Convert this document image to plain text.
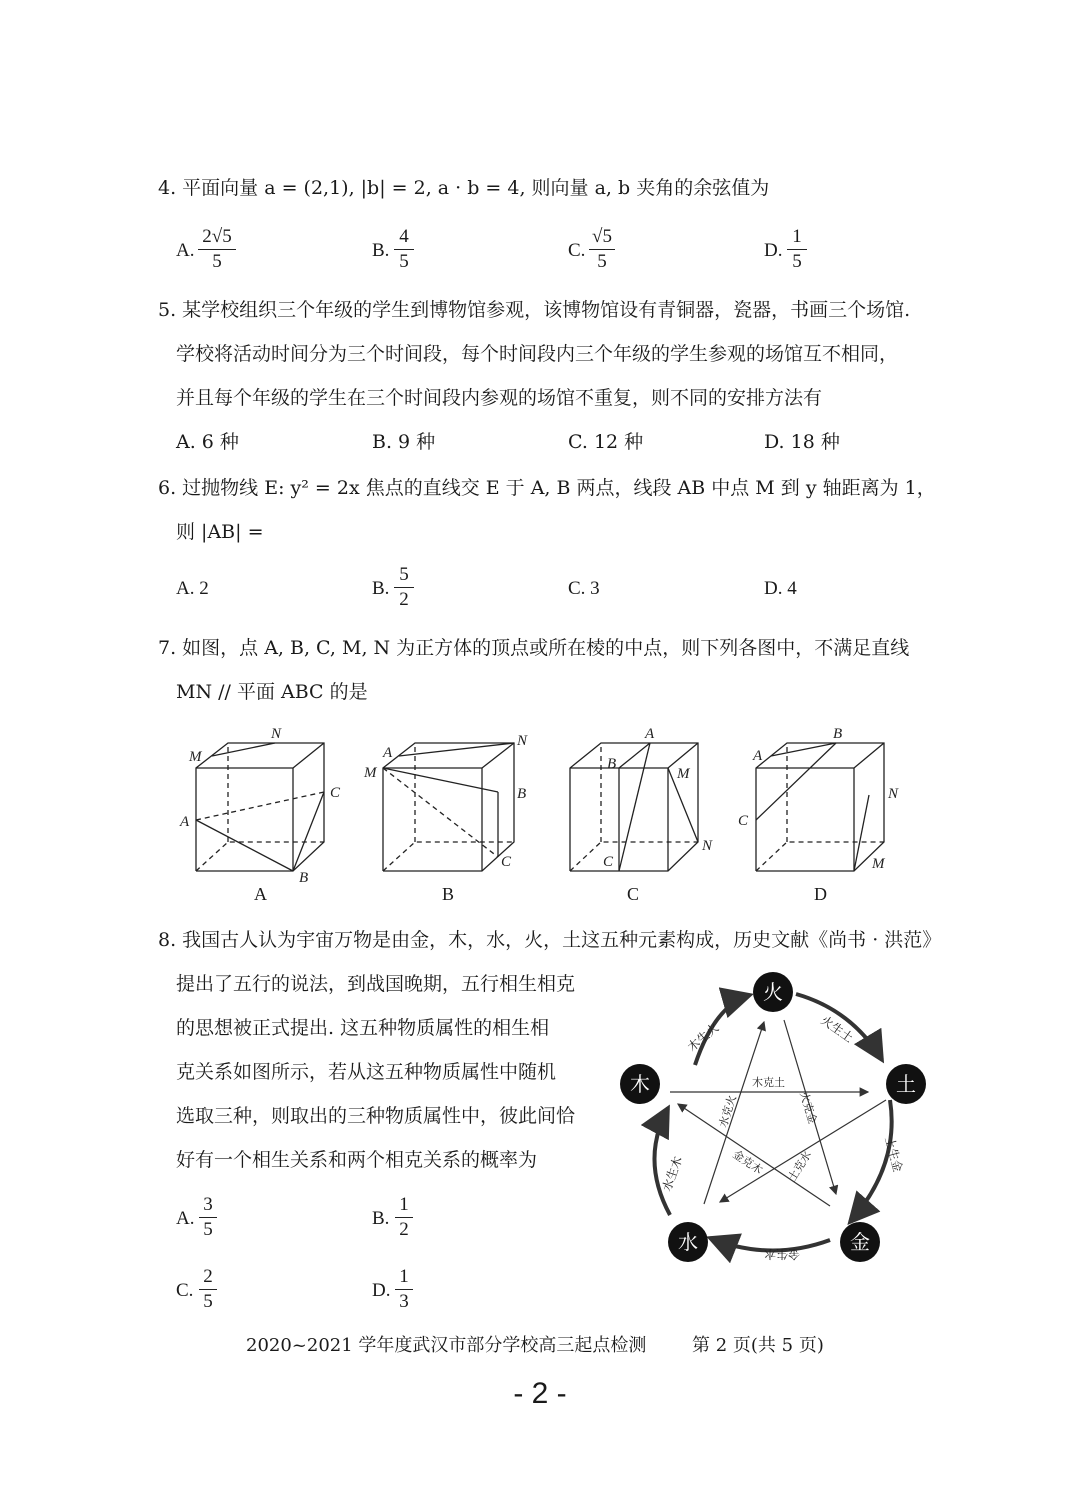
4. 平面向量 a = (2,1), |b| = 2, a · b = 4, 则向量 a, b 夹角的余弦值为
A.
2√5
5
B.
4
5
C.
√5
5
D.
1
5
5. 某学校组织三个年级的学生到博物馆参观，该博物馆设有青铜器，瓷器，书画三个场馆.
学校将活动时间分为三个时间段，每个时间段内三个年级的学生参观的场馆互不相同，
并且每个年级的学生在三个时间段内参观的场馆不重复，则不同的安排方法有
A. 6 种	B. 9 种	C. 12 种	D. 18 种
6. 过抛物线 E: y² = 2x 焦点的直线交 E 于 A, B 两点，线段 AB 中点 M 到 y 轴距离为 1，
则 |AB| =
A. 2	B.
5
2
C. 3	D. 4
7. 如图，点 A, B, C, M, N 为正方体的顶点或所在棱的中点，则下列各图中，不满足直线
MN // 平面 ABC 的是
M
N
C
A
B
A
M
N
B
C
A
B
M
N
C
A
B
N
C
M
A	B	C	D
8. 我国古人认为宇宙万物是由金，木，水，火，土这五种元素构成，历史文献《尚书 · 洪范》
提出了五行的说法，到战国晚期，五行相生相克
的思想被正式提出. 这五种物质属性的相生相
克关系如图所示，若从这五种物质属性中随机
选取三种，则取出的三种物质属性中，彼此间恰
好有一个相生关系和两个相克关系的概率为
A.
3
5
B.
1
2
C.
2
5
D.
1
3
火
土
金
水
木
木生火	火生土
土生金
金生水
水生木
木克土
火克金
土克水
金克木
水克火
2020~2021 学年度武汉市部分学校高三起点检测	第 2 页(共 5 页)
- 2 -
